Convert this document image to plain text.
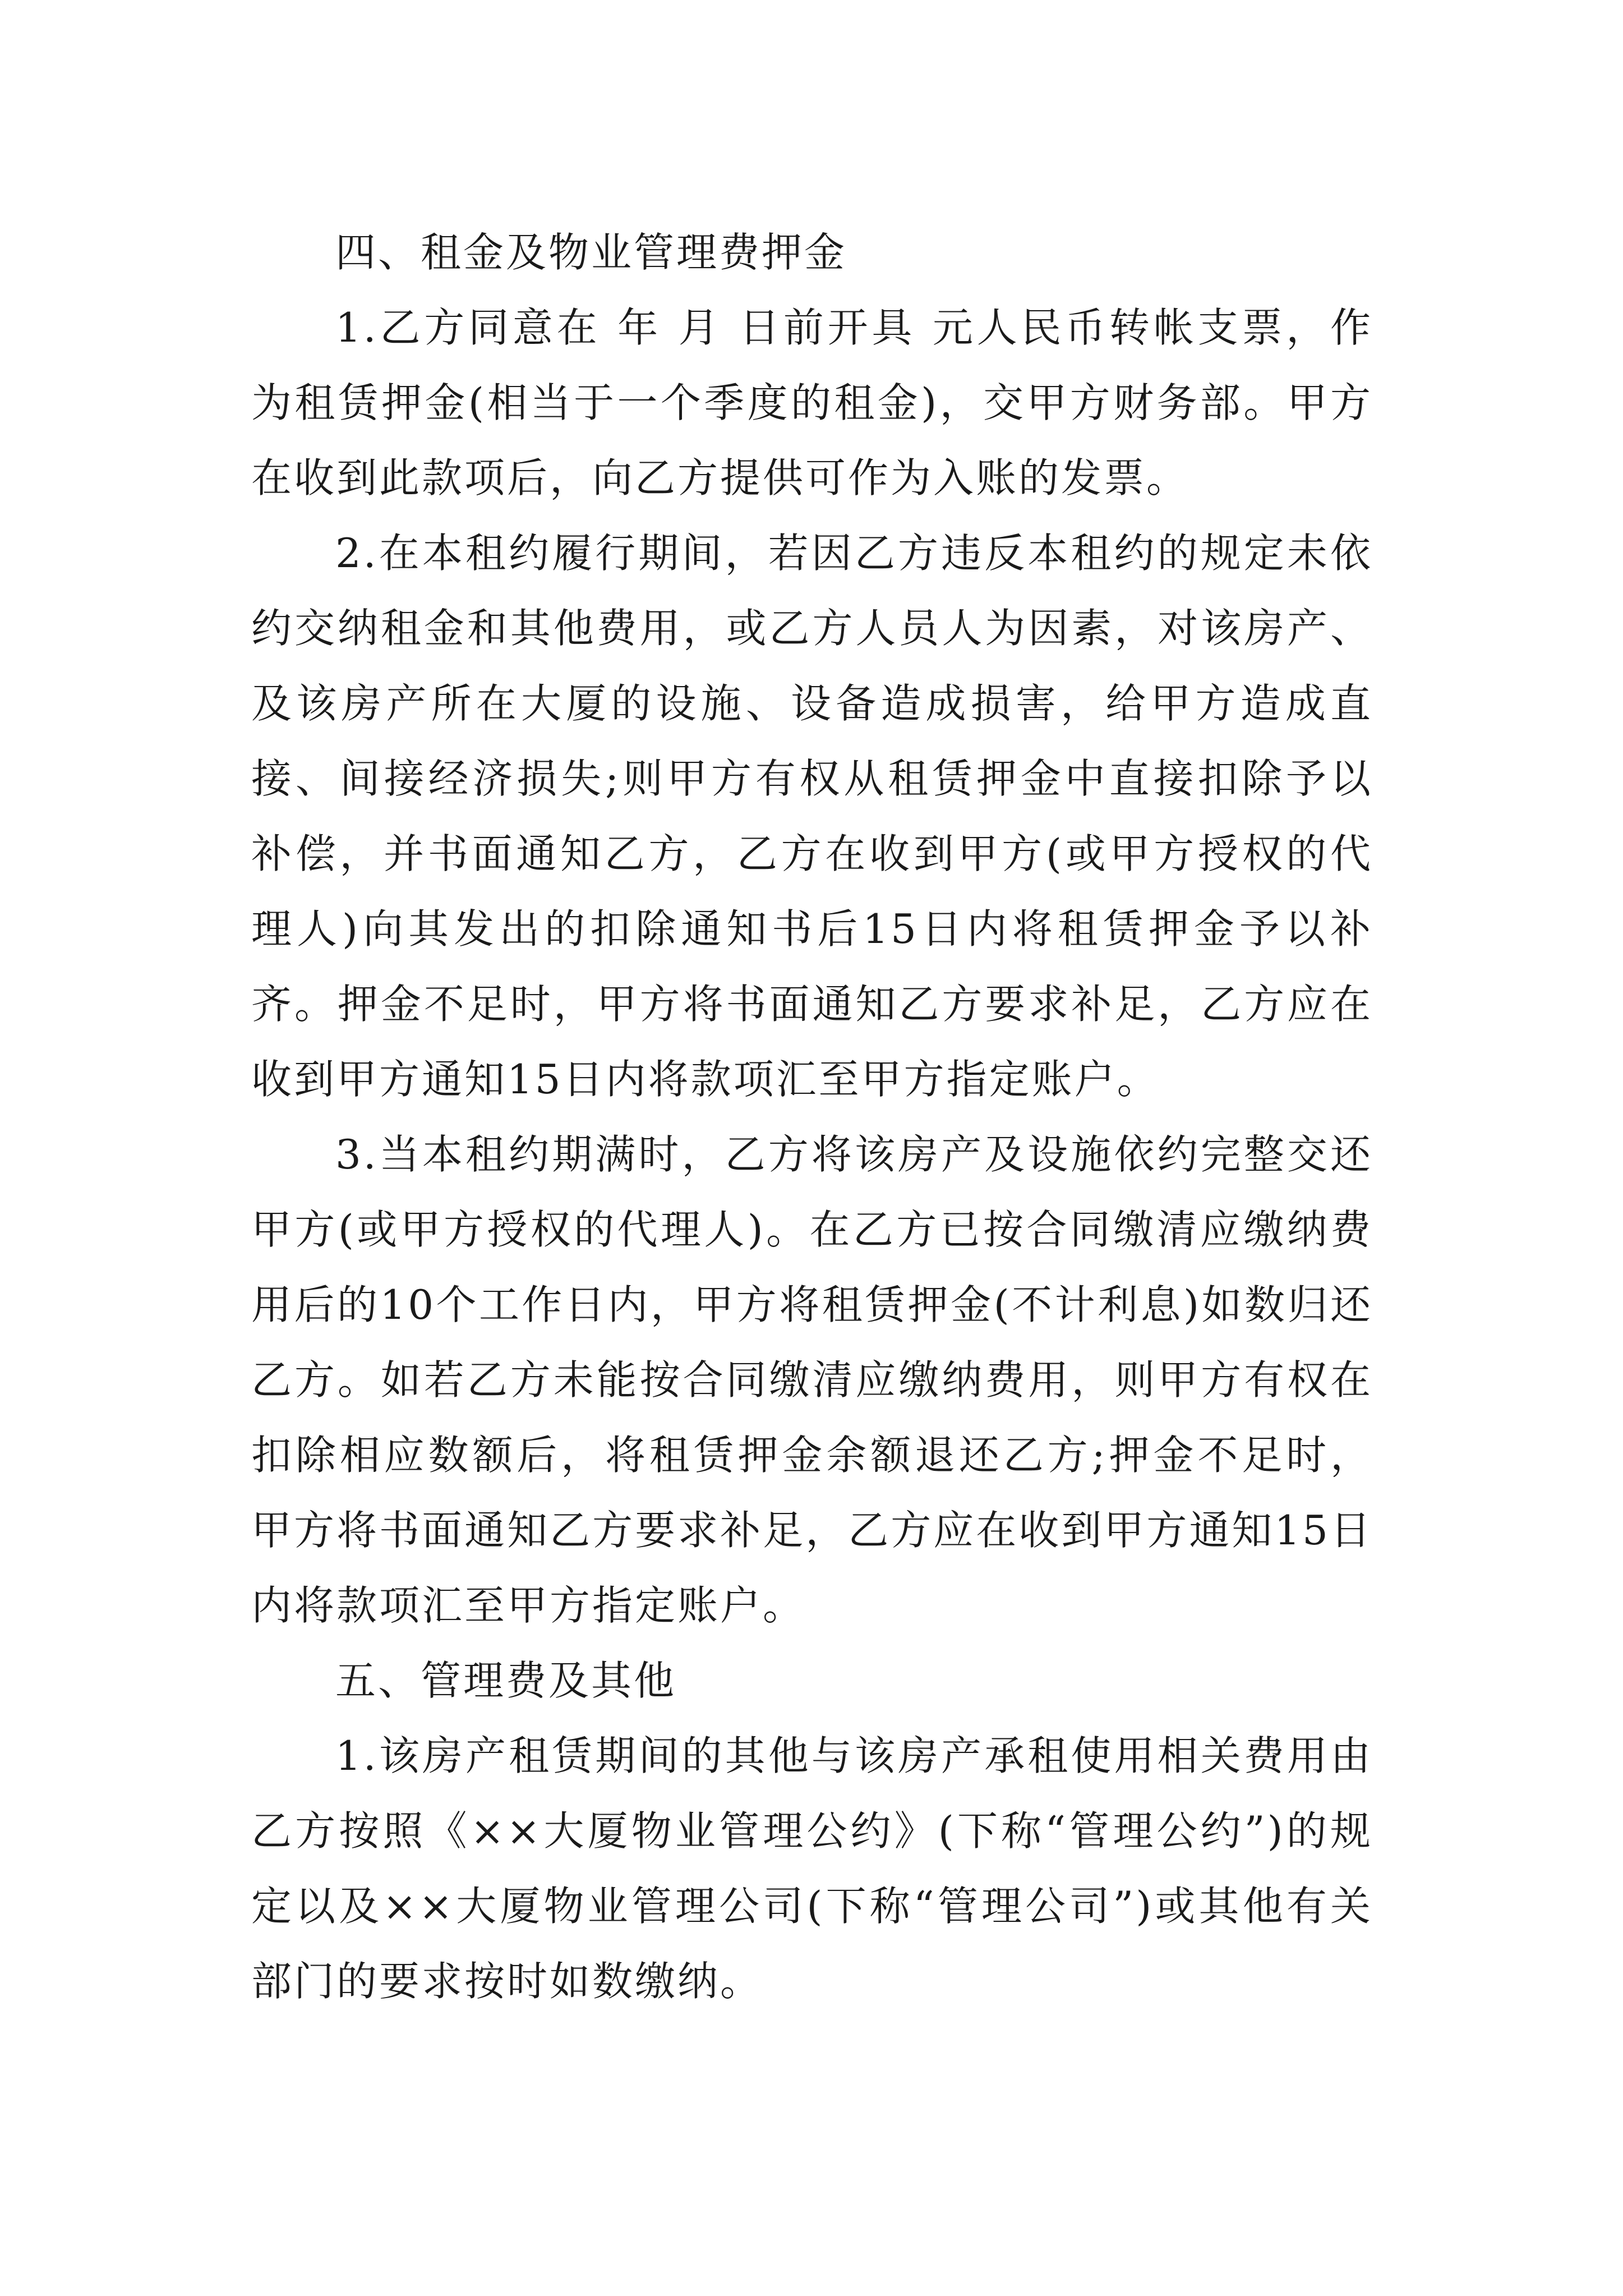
四、租金及物业管理费押金

1.乙方同意在 年 月 日前开具 元人民币转帐支票，作为租赁押金(相当于一个季度的租金)，交甲方财务部。甲方在收到此款项后，向乙方提供可作为入账的发票。

2.在本租约履行期间，若因乙方违反本租约的规定未依约交纳租金和其他费用，或乙方人员人为因素，对该房产、及该房产所在大厦的设施、设备造成损害，给甲方造成直接、间接经济损失;则甲方有权从租赁押金中直接扣除予以补偿，并书面通知乙方，乙方在收到甲方(或甲方授权的代理人)向其发出的扣除通知书后15日内将租赁押金予以补齐。押金不足时，甲方将书面通知乙方要求补足，乙方应在收到甲方通知15日内将款项汇至甲方指定账户。

3.当本租约期满时，乙方将该房产及设施依约完整交还甲方(或甲方授权的代理人)。在乙方已按合同缴清应缴纳费用后的10个工作日内，甲方将租赁押金(不计利息)如数归还乙方。如若乙方未能按合同缴清应缴纳费用，则甲方有权在扣除相应数额后，将租赁押金余额退还乙方;押金不足时，甲方将书面通知乙方要求补足，乙方应在收到甲方通知15日内将款项汇至甲方指定账户。

五、管理费及其他

1.该房产租赁期间的其他与该房产承租使用相关费用由乙方按照《××大厦物业管理公约》(下称“管理公约”)的规定以及××大厦物业管理公司(下称“管理公司”)或其他有关部门的要求按时如数缴纳。
